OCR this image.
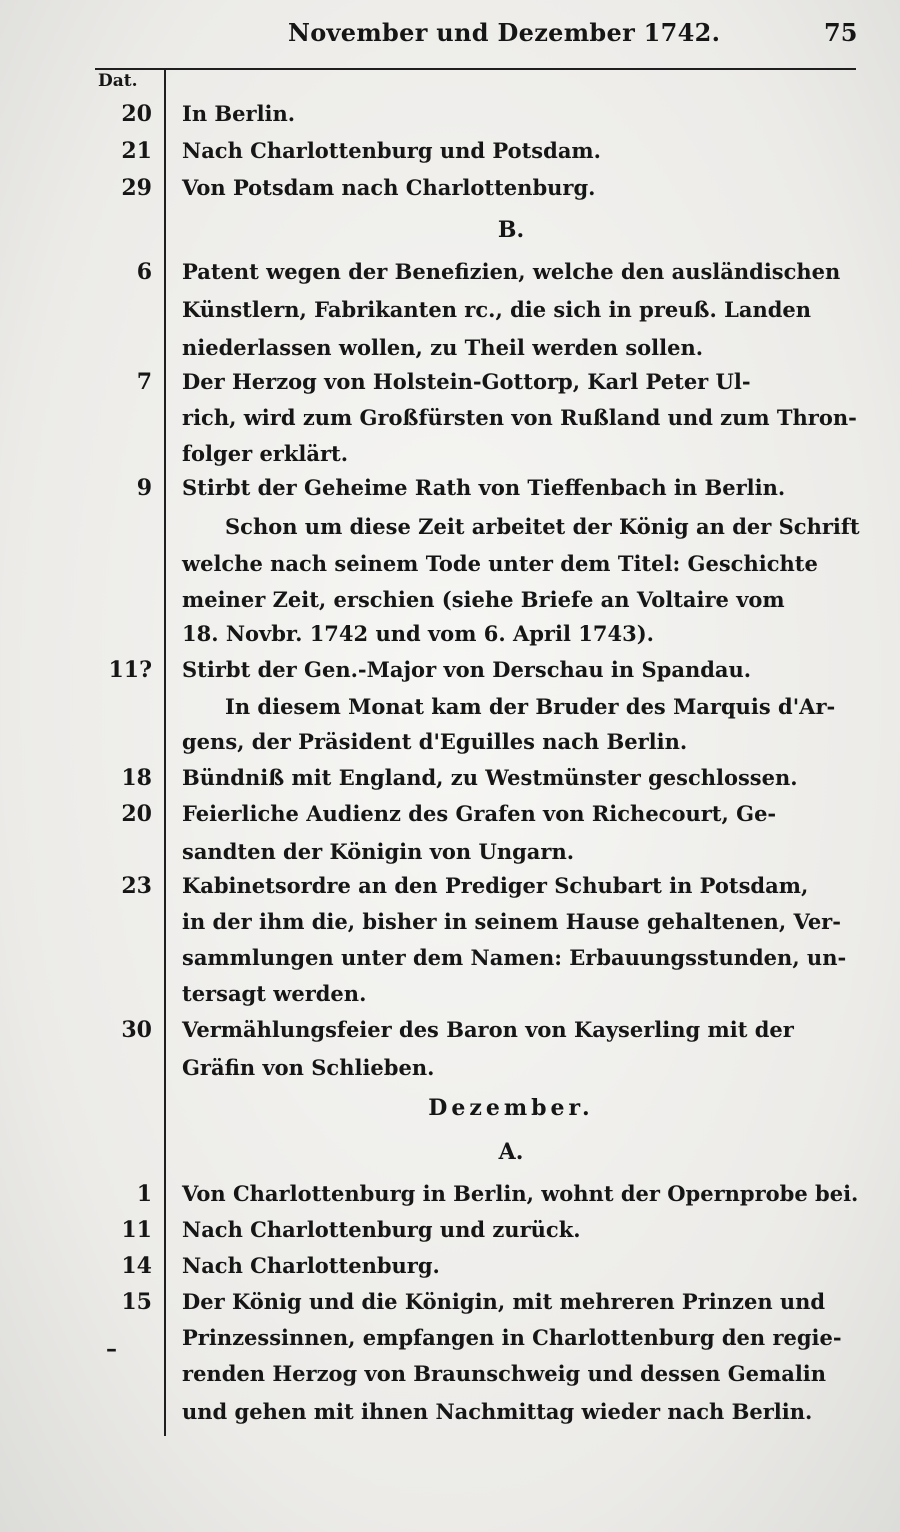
November und Dezember 1742.	75
Dat.
20 In Berlin.
21 Nach Charlottenburg und Potsdam.
29 Von Potsdam nach Charlottenburg.
B.
6 Patent wegen der Benefizien, welche den ausländischen
Künstlern, Fabrikanten rc., die sich in preuß. Landen
niederlassen wollen, zu Theil werden sollen.
7 Der Herzog von Holstein-Gottorp, Karl Peter Ul-
rich, wird zum Großfürsten von Rußland und zum Thron-
folger erklärt.
9 Stirbt der Geheime Rath von Tieffenbach in Berlin.
Schon um diese Zeit arbeitet der König an der Schrift
welche nach seinem Tode unter dem Titel: Geschichte
meiner Zeit, erschien (siehe Briefe an Voltaire vom
18. Novbr. 1742 und vom 6. April 1743).
11? Stirbt der Gen.-Major von Derschau in Spandau.
In diesem Monat kam der Bruder des Marquis d'Ar-
gens, der Präsident d'Eguilles nach Berlin.
18 Bündniß mit England, zu Westmünster geschlossen.
20 Feierliche Audienz des Grafen von Richecourt, Ge-
sandten der Königin von Ungarn.
23 Kabinetsordre an den Prediger Schubart in Potsdam,
in der ihm die, bisher in seinem Hause gehaltenen, Ver-
sammlungen unter dem Namen: Erbauungsstunden, un-
tersagt werden.
30 Vermählungsfeier des Baron von Kayserling mit der
Gräfin von Schlieben.
Dezember.
A.
1 Von Charlottenburg in Berlin, wohnt der Opernprobe bei.
11 Nach Charlottenburg und zurück.
14 Nach Charlottenburg.
15 Der König und die Königin, mit mehreren Prinzen und
Prinzessinnen, empfangen in Charlottenburg den regie-
renden Herzog von Braunschweig und dessen Gemalin
und gehen mit ihnen Nachmittag wieder nach Berlin.
–
